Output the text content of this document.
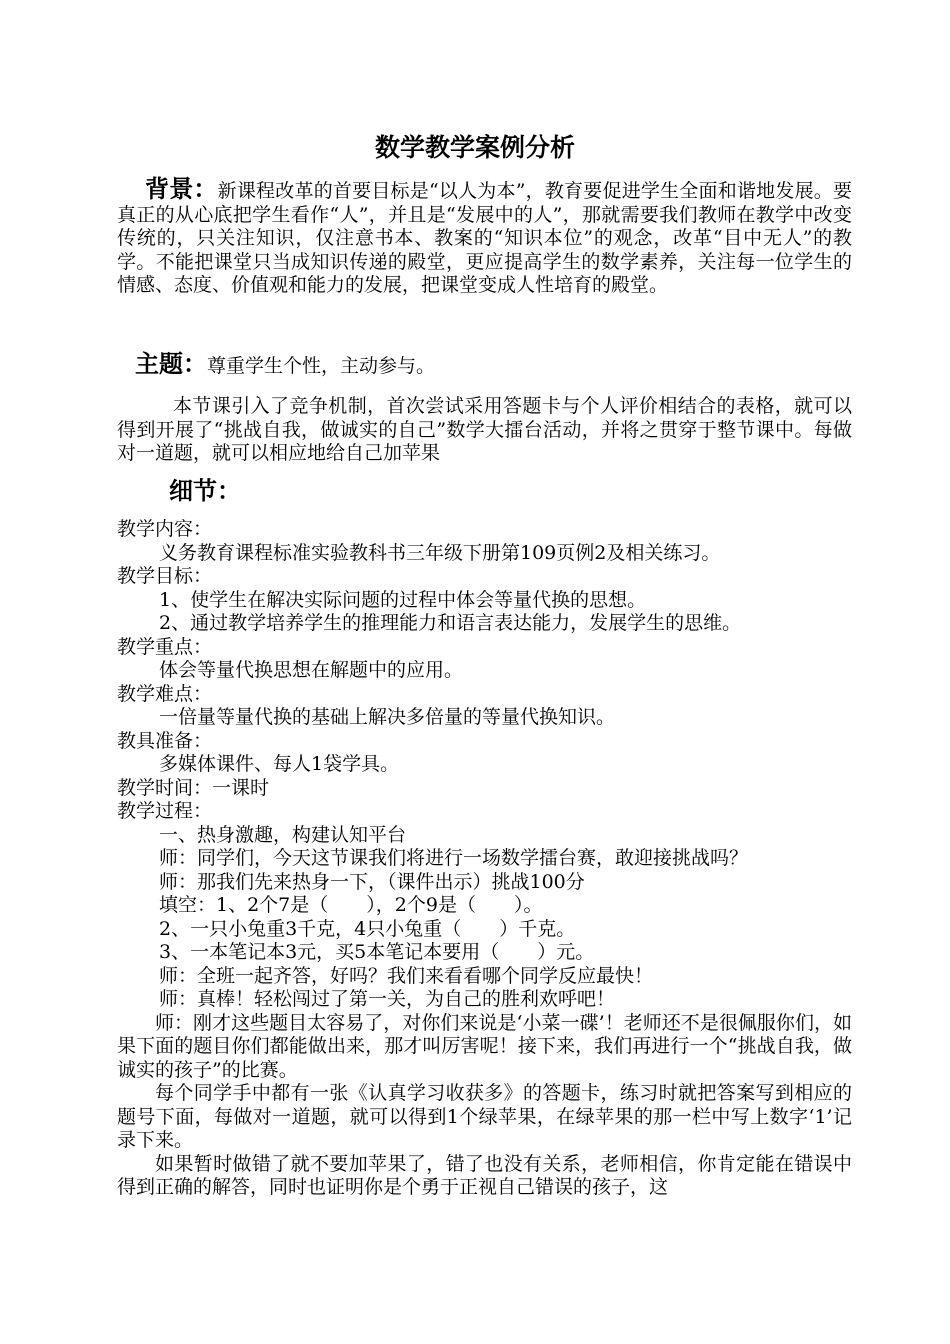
数学教学案例分析

背景：新课程改革的首要目标是“以人为本”，教育要促进学生全面和谐地发展。要真正的从心底把学生看作“人”，并且是“发展中的人”，那就需要我们教师在教学中改变传统的，只关注知识，仅注意书本、教案的“知识本位”的观念，改革“目中无人”的教学。不能把课堂只当成知识传递的殿堂，更应提高学生的数学素养，关注每一位学生的情感、态度、价值观和能力的发展，把课堂变成人性培育的殿堂。

主题：尊重学生个性，主动参与。

本节课引入了竞争机制，首次尝试采用答题卡与个人评价相结合的表格，就可以得到开展了“挑战自我，做诚实的自己”数学大擂台活动，并将之贯穿于整节课中。每做对一道题，就可以相应地给自己加苹果

细节：

教学内容：

义务教育课程标准实验教科书三年级下册第109页例2及相关练习。

教学目标：

1、使学生在解决实际问题的过程中体会等量代换的思想。

2、通过教学培养学生的推理能力和语言表达能力，发展学生的思维。

教学重点：

体会等量代换思想在解题中的应用。

教学难点：

一倍量等量代换的基础上解决多倍量的等量代换知识。

教具准备：

多媒体课件、每人1袋学具。

教学时间：一课时

教学过程：

一、热身激趣，构建认知平台

师：同学们，今天这节课我们将进行一场数学擂台赛，敢迎接挑战吗？

师：那我们先来热身一下，（课件出示）挑战100分

填空：1、2个7是（　　），2个9是（　　）。

2、一只小兔重3千克，4只小兔重（　　）千克。

3、一本笔记本3元，买5本笔记本要用（　　）元。

师：全班一起齐答，好吗？我们来看看哪个同学反应最快！

师：真棒！轻松闯过了第一关，为自己的胜利欢呼吧！

师：刚才这些题目太容易了，对你们来说是‘小菜一碟’！老师还不是很佩服你们，如果下面的题目你们都能做出来，那才叫厉害呢！接下来，我们再进行一个“挑战自我，做诚实的孩子”的比赛。

每个同学手中都有一张《认真学习收获多》的答题卡，练习时就把答案写到相应的题号下面，每做对一道题，就可以得到1个绿苹果，在绿苹果的那一栏中写上数字‘1’记录下来。

如果暂时做错了就不要加苹果了，错了也没有关系，老师相信，你肯定能在错误中得到正确的解答，同时也证明你是个勇于正视自己错误的孩子，这
